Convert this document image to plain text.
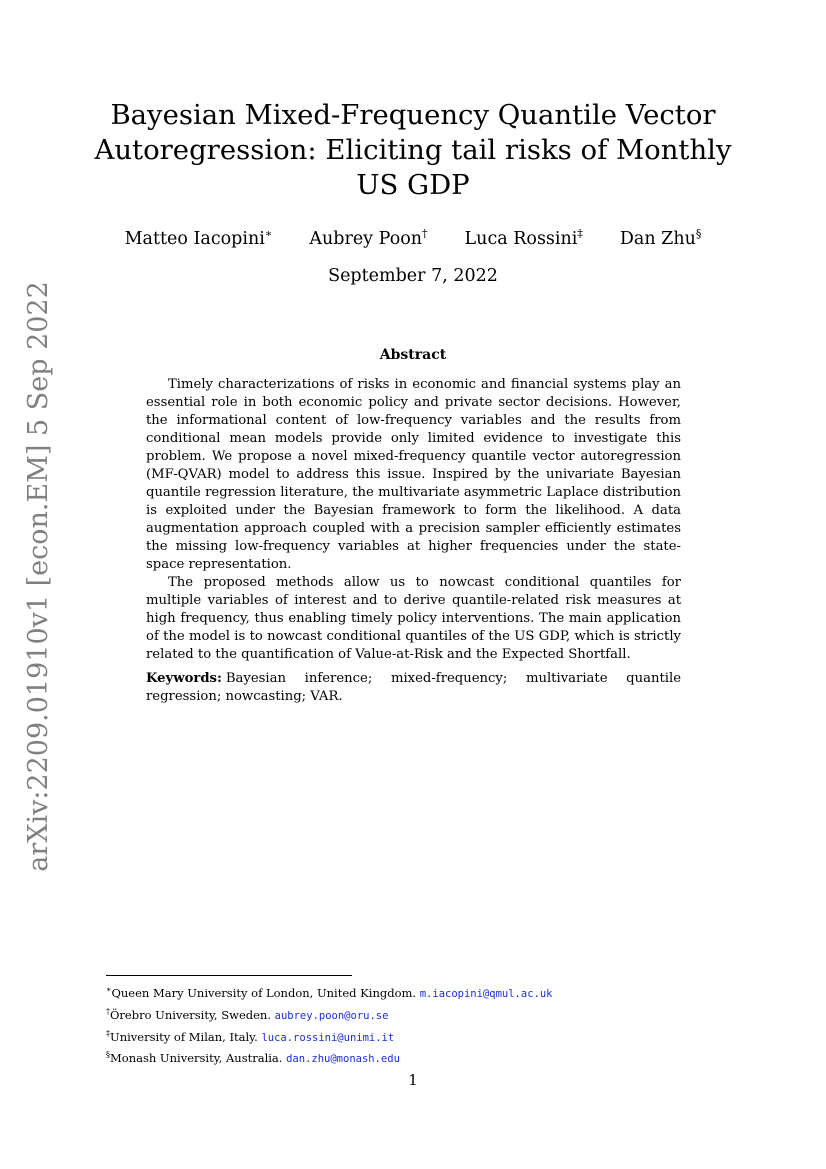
arXiv:2209.01910v1 [econ.EM] 5 Sep 2022
Bayesian Mixed-Frequency Quantile Vector
Autoregression: Eliciting tail risks of Monthly
US GDP
Matteo Iacopini∗ Aubrey Poon† Luca Rossini‡ Dan Zhu§
September 7, 2022
Abstract

Timely characterizations of risks in economic and financial systems play an essential role in both economic policy and private sector decisions. However, the informational content of low-frequency variables and the results from conditional mean models provide only limited evidence to investigate this problem. We propose a novel mixed-frequency quantile vector autoregression (MF-QVAR) model to address this issue. Inspired by the univariate Bayesian quantile regression literature, the multivariate asymmetric Laplace distribution is exploited under the Bayesian framework to form the likelihood. A data augmentation approach coupled with a precision sampler efficiently estimates the missing low-frequency variables at higher frequencies under the state-space representation.

The proposed methods allow us to nowcast conditional quantiles for multiple variables of interest and to derive quantile-related risk measures at high frequency, thus enabling timely policy interventions. The main application of the model is to nowcast conditional quantiles of the US GDP, which is strictly related to the quantification of Value-at-Risk and the Expected Shortfall.

Keywords: Bayesian inference; mixed-frequency; multivariate quantile regression; nowcasting; VAR.
∗Queen Mary University of London, United Kingdom. m.iacopini@qmul.ac.uk
†Örebro University, Sweden. aubrey.poon@oru.se
‡University of Milan, Italy. luca.rossini@unimi.it
§Monash University, Australia. dan.zhu@monash.edu
1
